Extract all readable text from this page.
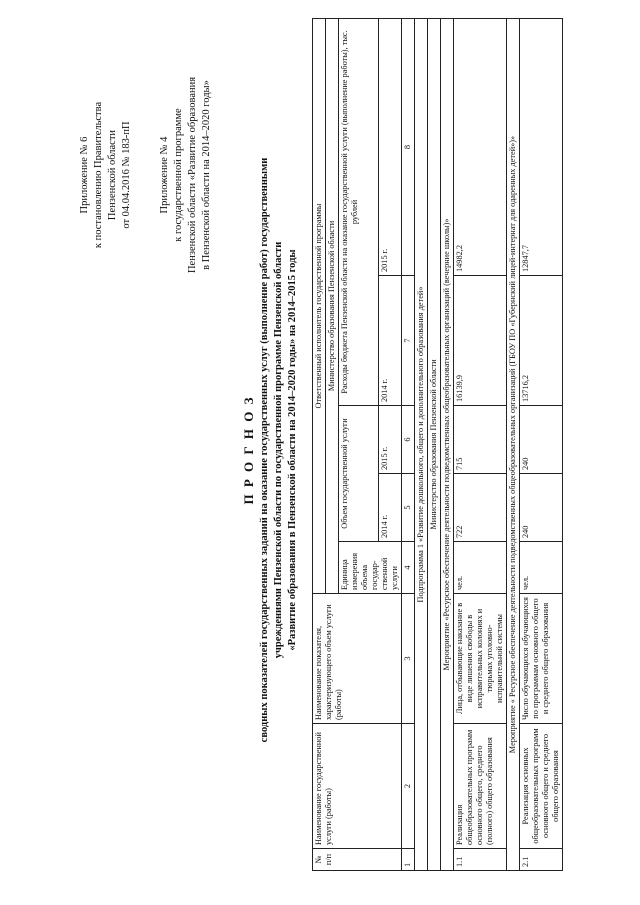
Приложение № 6 к постановлению Правительства Пензенской области от 04.04.2016 № 183-пП	Приложение № 4 к государственной программе Пензенской области «Развитие образования в Пензенской области на 2014–2020 годы»
П Р О Г Н О З сводных показателей государственных заданий на оказание государственных услуг (выполнение работ) государственными учреждениями Пензенской области по государственной программе Пензенской области «Развитие образования в Пензенской области на 2014–2020 годы» на 2014–2015 годы
№ п/п	Наименование государственной услуги (работы)	Наименование показателя, характеризующего объем услуги (работы)	Ответственный исполнитель государственной программы				
			Министерство образования Пензенской области				
			Единица измерения объема государ-ственной услуги	Объем государственной услуги		Расходы бюджета Пензенской области на оказание государственной услуги (выполнение работы), тыс. рублей	
				2014 г.	2015 г.	2014 г.	2015 г.
1	2	3	4	5	6	7	8
Подпрограмма 1 «Развитие дошкольного, общего и дополнительного образования детей»							
Министерство образования Пензенской области							
Мероприятие «Ресурсное обеспечение деятельности подведомственных общеобразовательных организаций (вечерние школы)»							
1.1	Реализация общеобразовательных программ основного общего, среднего (полного) общего образования	Лица, отбывающие наказание в виде лишения свободы в исправительных колониях и тюрьмах уголовно-исправительной системы	чел.	722	715	16139,9	14982,2
Мероприятие « Ресурсное обеспечение деятельности подведомственных общеобразовательных организаций (ГБОУ ПО «Губернский лицей-интернат для одаренных детей»)»							
2.1	Реализация основных общеобразовательных программ основного общего и среднего общего образования	Число обучающихся обучающихся по программам основного общего и среднего общего образования	чел.	240	240	13716,2	12847,7
